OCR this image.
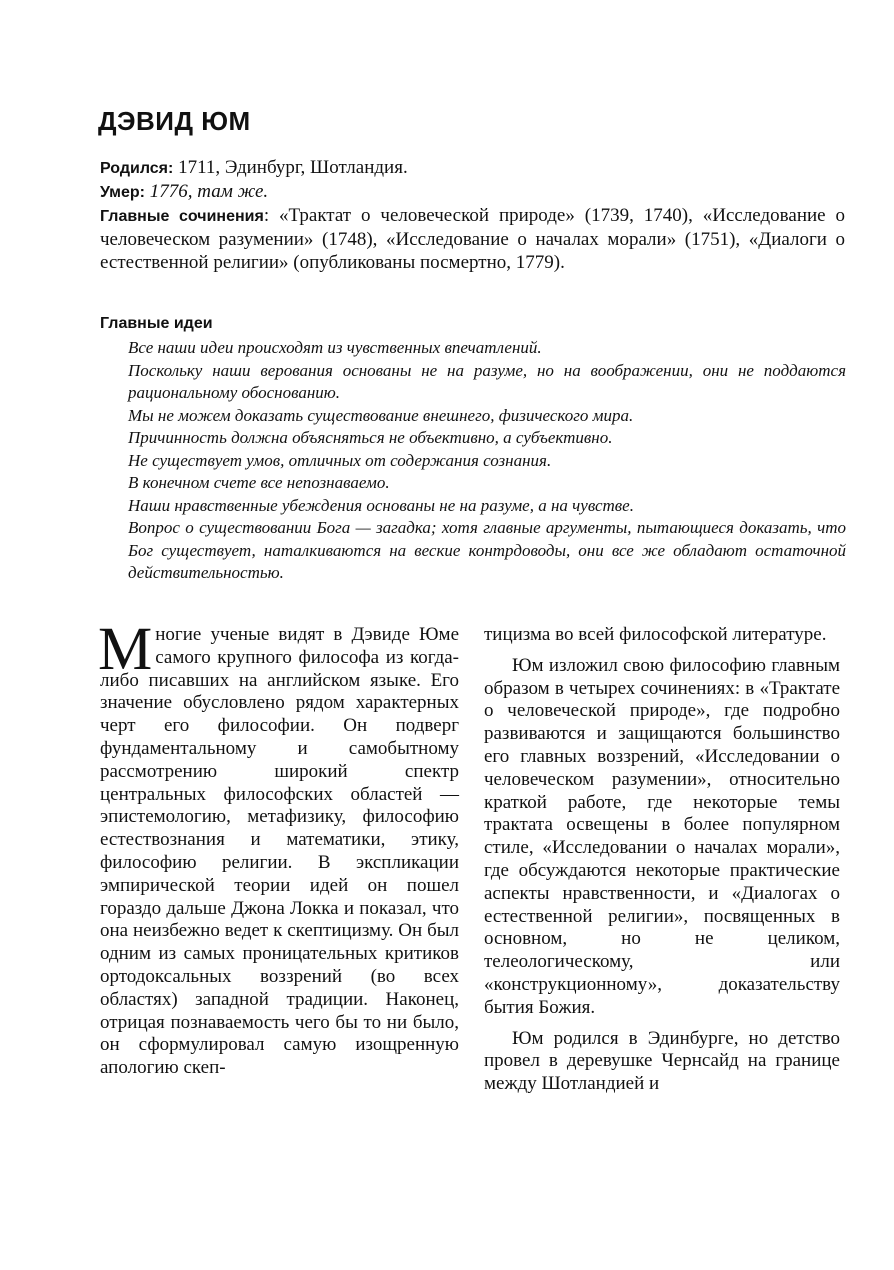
ДЭВИД ЮМ

Родился: 1711, Эдинбург, Шотландия.

Умер: 1776, там же.

Главные сочинения: «Трактат о человеческой природе» (1739, 1740), «Исследование о человеческом разумении» (1748), «Исследование о началах морали» (1751), «Диалоги о естественной религии» (опубликованы посмертно, 1779).

Главные идеи
Все наши идеи происходят из чувственных впечатлений.
Поскольку наши верования основаны не на разуме, но на воображении, они не поддаются рациональному обоснованию.
Мы не можем доказать существование внешнего, физического мира.
Причинность должна объясняться не объективно, а субъективно.
Не существует умов, отличных от содержания сознания.
В конечном счете все непознаваемо.
Наши нравственные убеждения основаны не на разуме, а на чувстве.
Вопрос о существовании Бога — загадка; хотя главные аргументы, пытающиеся доказать, что Бог существует, наталкиваются на веские контрдоводы, они все же обладают остаточной действительностью.

Многие ученые видят в Дэвиде Юме самого крупного философа из когда-либо писавших на английском языке. Его значение обусловлено рядом характерных черт его философии. Он подверг фундаментальному и самобытному рассмотрению широкий спектр центральных философских областей — эпистемологию, метафизику, философию естествознания и математики, этику, философию религии. В экспликации эмпирической теории идей он пошел гораздо дальше Джона Локка и показал, что она неизбежно ведет к скептицизму. Он был одним из самых проницательных критиков ортодоксальных воззрений (во всех областях) западной традиции. Наконец, отрицая познаваемость чего бы то ни было, он сформулировал самую изощренную апологию скеп-

тицизма во всей философской литературе.

Юм изложил свою философию главным образом в четырех сочинениях: в «Трактате о человеческой природе», где подробно развиваются и защищаются большинство его главных воззрений, «Исследовании о человеческом разумении», относительно краткой работе, где некоторые темы трактата освещены в более популярном стиле, «Исследовании о началах морали», где обсуждаются некоторые практические аспекты нравственности, и «Диалогах о естественной религии», посвященных в основном, но не целиком, телеологическому, или «конструкционному», доказательству бытия Божия.

Юм родился в Эдинбурге, но детство провел в деревушке Чернсайд на границе между Шотландией и
